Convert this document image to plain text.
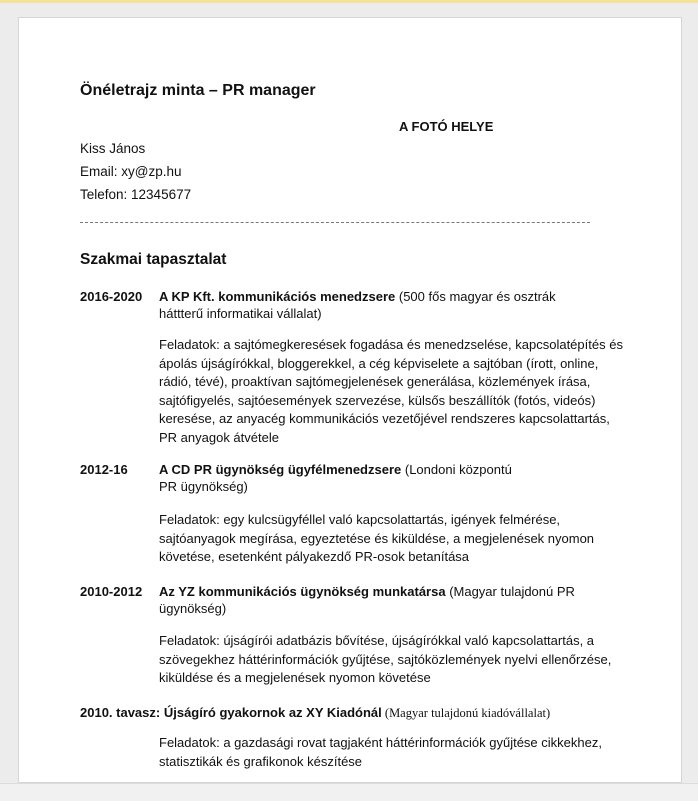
Önéletrajz minta – PR manager
A FOTÓ HELYE
Kiss János
Email: xy@zp.hu
Telefon: 12345677
Szakmai tapasztalat
2016-2020 A KP Kft. kommunikációs menedzsere (500 fős magyar és osztrák háttterű informatikai vállalat)
Feladatok: a sajtómegkeresések fogadása és menedzselése, kapcsolatépítés és ápolás újságírókkal, bloggerekkel, a cég képviselete a sajtóban (írott, online, rádió, tévé), proaktívan sajtómegjelenések generálása, közlemények írása, sajtófigyelés, sajtóesemények szervezése, külsős beszállítók (fotós, videós) keresése, az anyacég kommunikációs vezetőjével rendszeres kapcsolattartás, PR anyagok átvétele
2012-16 A CD PR ügynökség ügyfélmenedzsere (Londoni központú PR ügynökség)
Feladatok: egy kulcsügyféllel való kapcsolattartás, igények felmérése, sajtóanyagok megírása, egyeztetése és kiküldése, a megjelenések nyomon követése, esetenként pályakezdő PR-osok betanítása
2010-2012 Az YZ kommunikációs ügynökség munkatársa (Magyar tulajdonú PR ügynökség)
Feladatok: újságírói adatbázis bővítése, újságírókkal való kapcsolattartás, a szövegekhez háttérinformációk gyűjtése, sajtóközlemények nyelvi ellenőrzése, kiküldése és a megjelenések nyomon követése
2010. tavasz: Újságíró gyakornok az XY Kiadónál (Magyar tulajdonú kiadóvállalat)
Feladatok: a gazdasági rovat tagjaként háttérinformációk gyűjtése cikkekhez, statisztikák és grafikonok készítése
